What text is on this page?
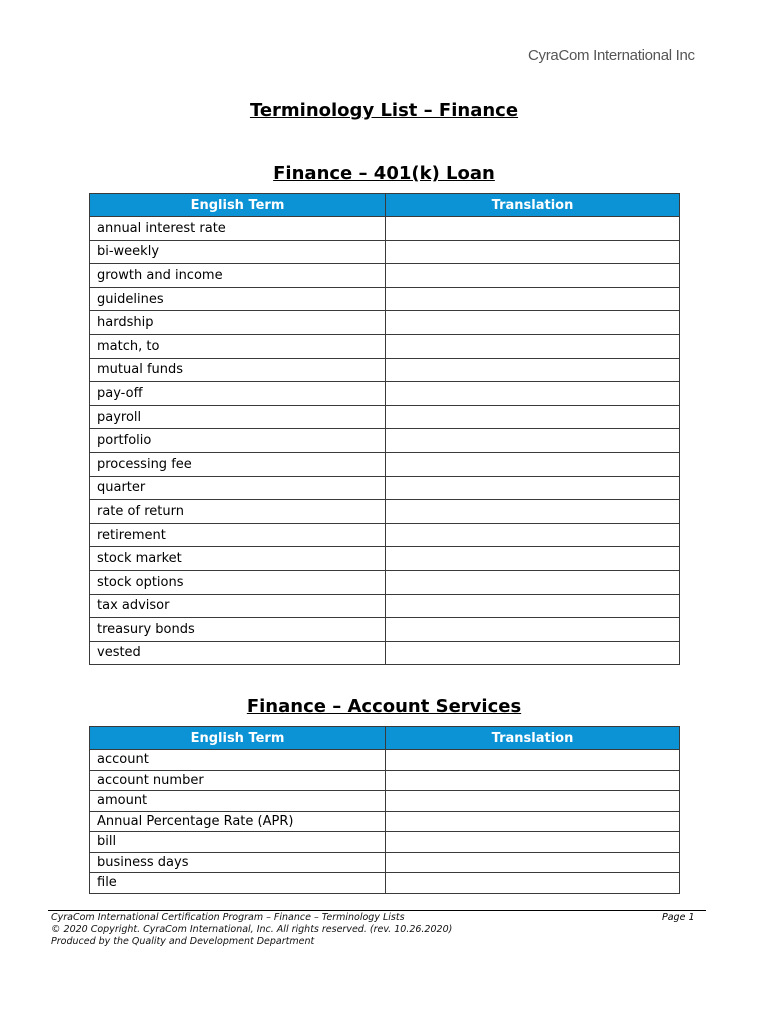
CyraCom International Inc
Terminology List – Finance
Finance – 401(k) Loan
English Term	Translation
annual interest rate	
bi-weekly	
growth and income	
guidelines	
hardship	
match, to	
mutual funds	
pay-off	
payroll	
portfolio	
processing fee	
quarter	
rate of return	
retirement	
stock market	
stock options	
tax advisor	
treasury bonds	
vested	
Finance – Account Services
English Term	Translation
account	
account number	
amount	
Annual Percentage Rate (APR)	
bill	
business days	
file	
CyraCom International Certification Program – Finance – Terminology Lists	Page 1
© 2020 Copyright. CyraCom International, Inc. All rights reserved. (rev. 10.26.2020)
Produced by the Quality and Development Department
